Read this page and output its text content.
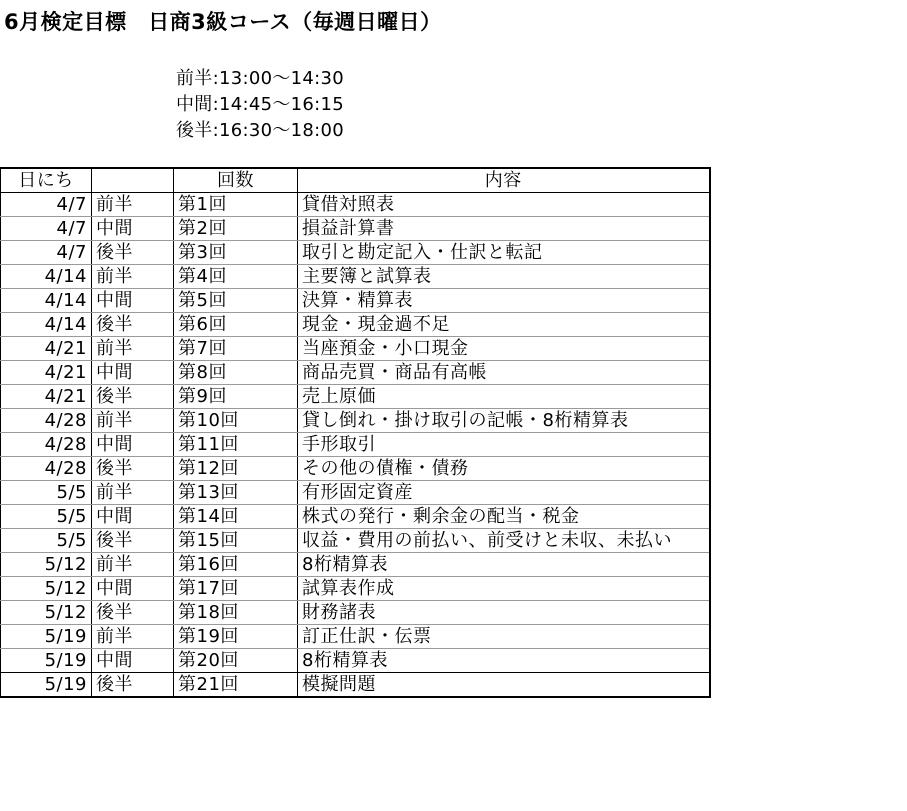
6月検定目標　日商3級コース（毎週日曜日）
前半:13:00～14:30
中間:14:45～16:15
後半:16:30～18:00
日にち		回数	内容
4/7	前半	第1回	貸借対照表
4/7	中間	第2回	損益計算書
4/7	後半	第3回	取引と勘定記入・仕訳と転記
4/14	前半	第4回	主要簿と試算表
4/14	中間	第5回	決算・精算表
4/14	後半	第6回	現金・現金過不足
4/21	前半	第7回	当座預金・小口現金
4/21	中間	第8回	商品売買・商品有高帳
4/21	後半	第9回	売上原価
4/28	前半	第10回	貸し倒れ・掛け取引の記帳・8桁精算表
4/28	中間	第11回	手形取引
4/28	後半	第12回	その他の債権・債務
5/5	前半	第13回	有形固定資産
5/5	中間	第14回	株式の発行・剰余金の配当・税金
5/5	後半	第15回	収益・費用の前払い、前受けと未収、未払い
5/12	前半	第16回	8桁精算表
5/12	中間	第17回	試算表作成
5/12	後半	第18回	財務諸表
5/19	前半	第19回	訂正仕訳・伝票
5/19	中間	第20回	8桁精算表
5/19	後半	第21回	模擬問題
